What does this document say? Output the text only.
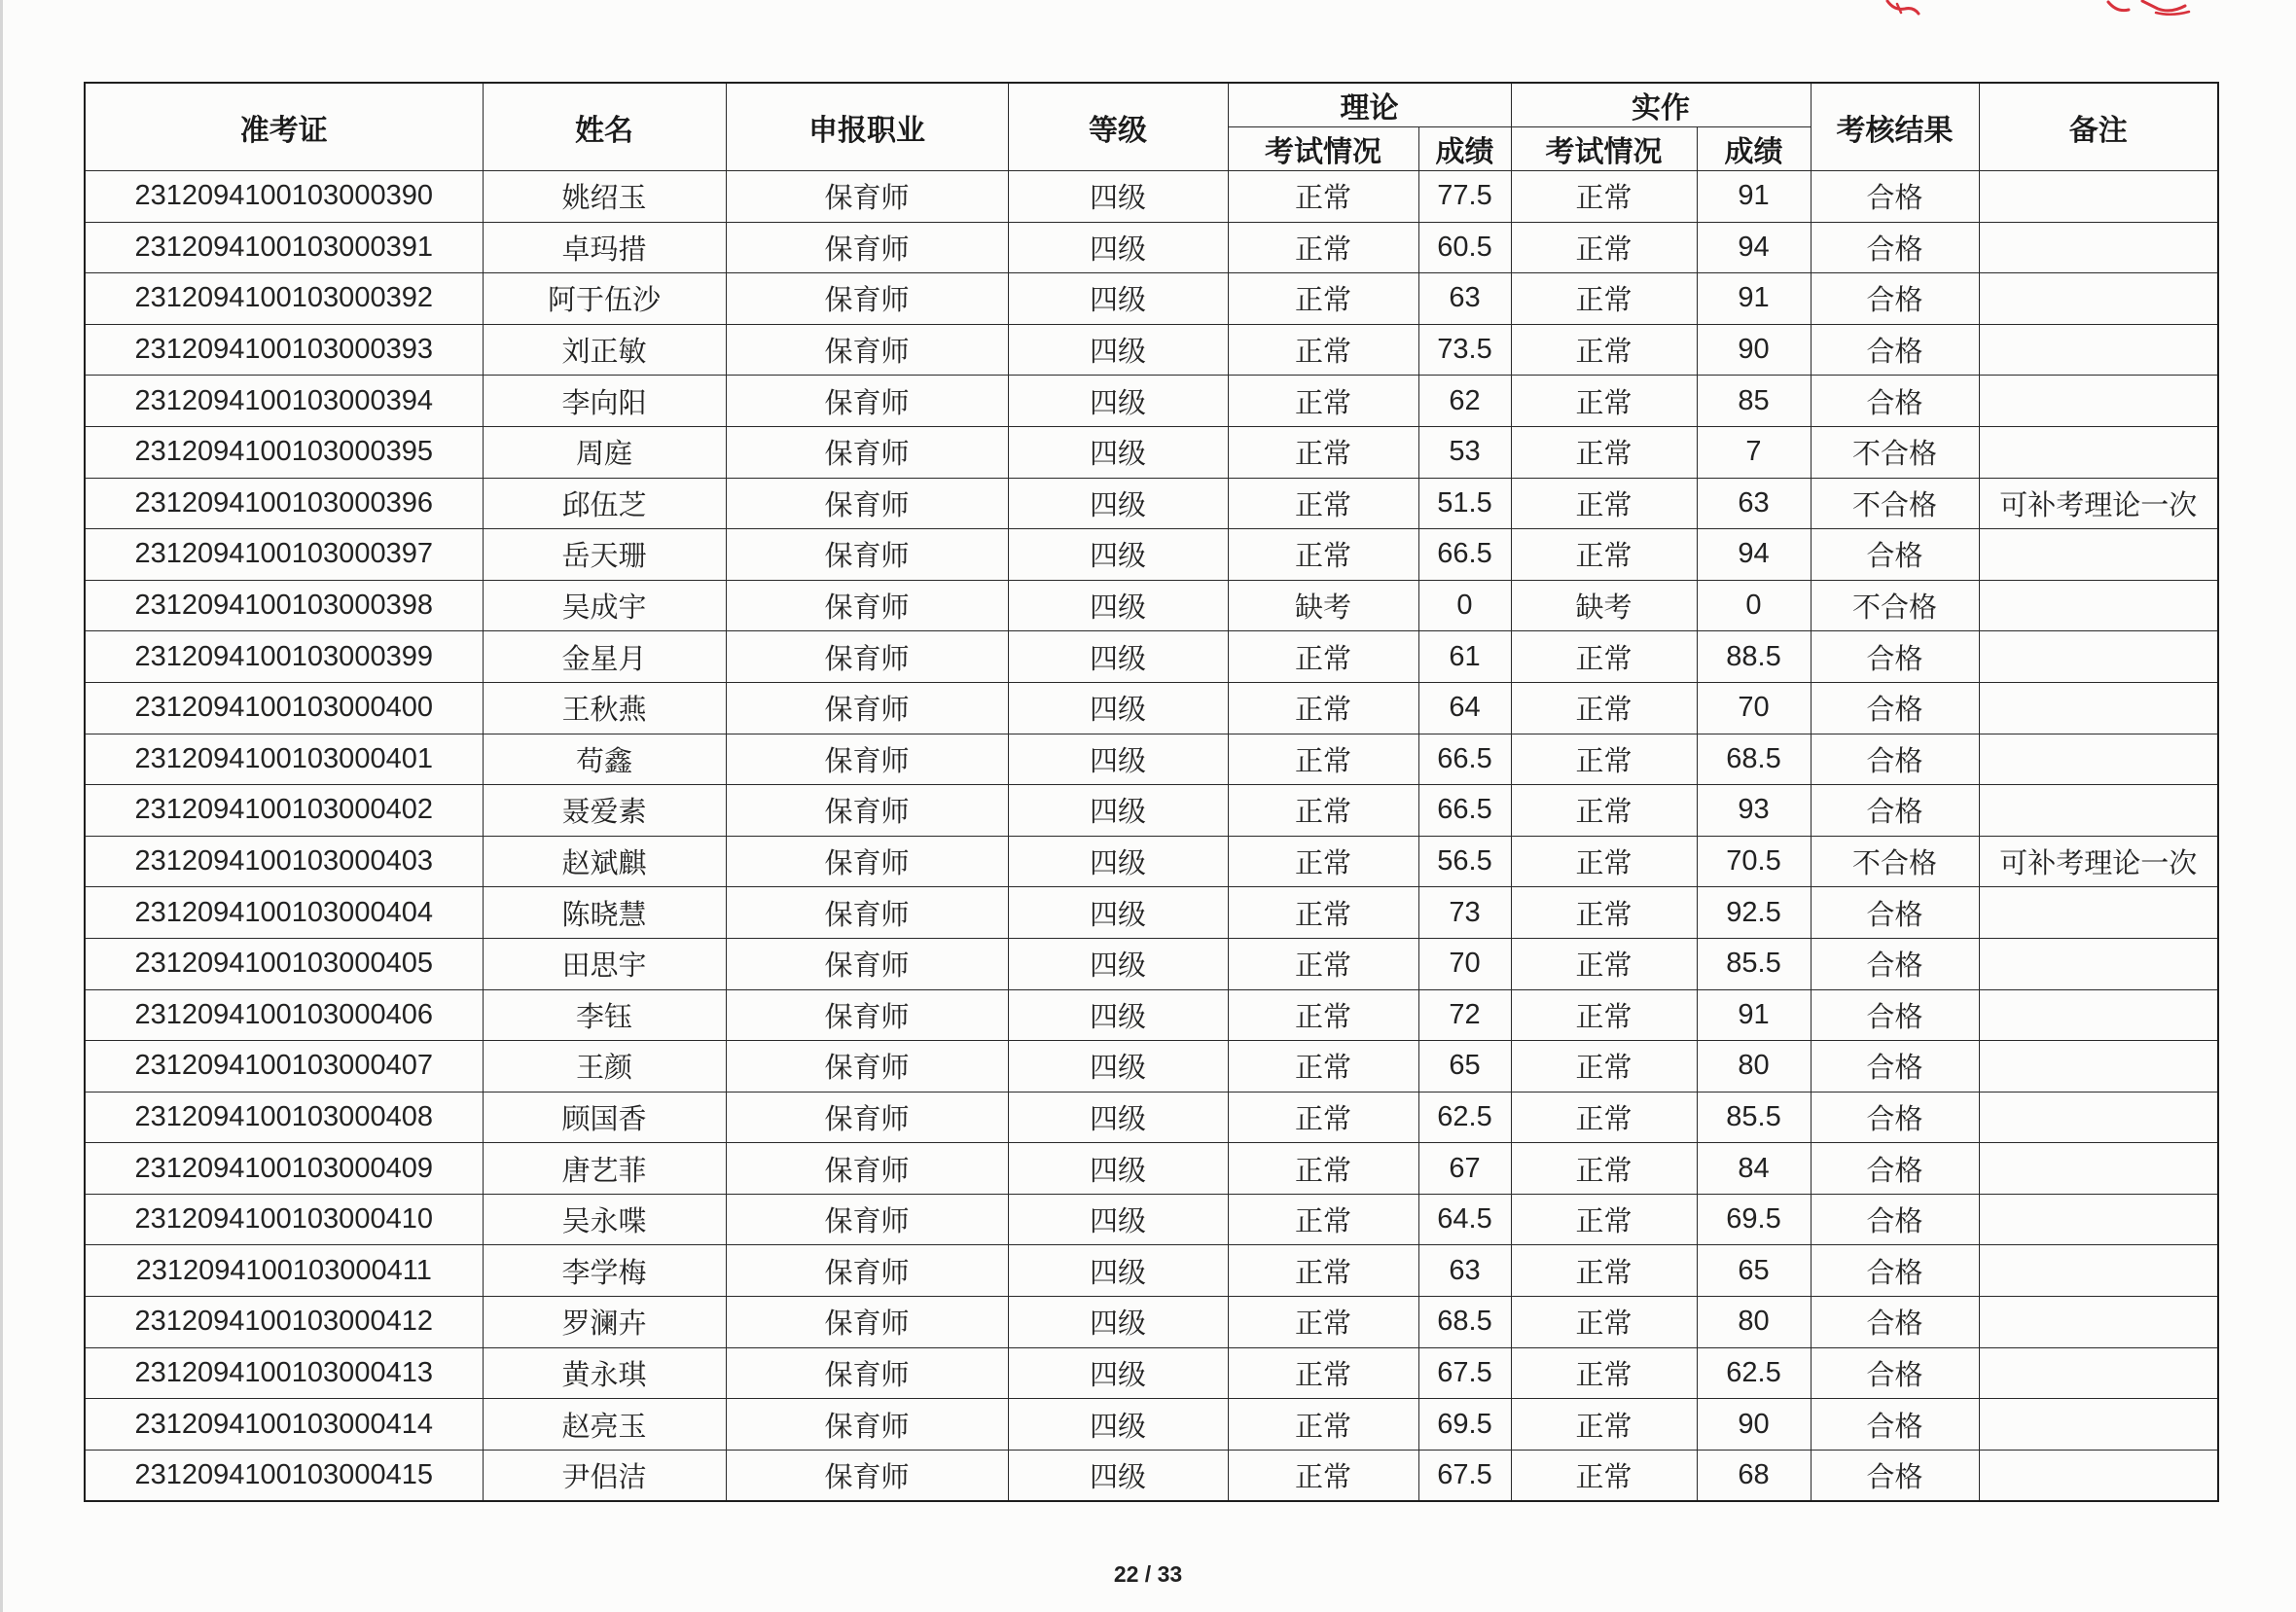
准考证	姓名	申报职业	等级	理论		实作		考核结果	备注
				考试情况	成绩	考试情况	成绩		
2312094100103000390	姚绍玉	保育师	四级	正常	77.5	正常	91	合格	
2312094100103000391	卓玛措	保育师	四级	正常	60.5	正常	94	合格	
2312094100103000392	阿于伍沙	保育师	四级	正常	63	正常	91	合格	
2312094100103000393	刘正敏	保育师	四级	正常	73.5	正常	90	合格	
2312094100103000394	李向阳	保育师	四级	正常	62	正常	85	合格	
2312094100103000395	周庭	保育师	四级	正常	53	正常	7	不合格	
2312094100103000396	邱伍芝	保育师	四级	正常	51.5	正常	63	不合格	可补考理论一次
2312094100103000397	岳天珊	保育师	四级	正常	66.5	正常	94	合格	
2312094100103000398	吴成宇	保育师	四级	缺考	0	缺考	0	不合格	
2312094100103000399	金星月	保育师	四级	正常	61	正常	88.5	合格	
2312094100103000400	王秋燕	保育师	四级	正常	64	正常	70	合格	
2312094100103000401	苟鑫	保育师	四级	正常	66.5	正常	68.5	合格	
2312094100103000402	聂爱素	保育师	四级	正常	66.5	正常	93	合格	
2312094100103000403	赵斌麒	保育师	四级	正常	56.5	正常	70.5	不合格	可补考理论一次
2312094100103000404	陈晓慧	保育师	四级	正常	73	正常	92.5	合格	
2312094100103000405	田思宇	保育师	四级	正常	70	正常	85.5	合格	
2312094100103000406	李钰	保育师	四级	正常	72	正常	91	合格	
2312094100103000407	王颜	保育师	四级	正常	65	正常	80	合格	
2312094100103000408	顾国香	保育师	四级	正常	62.5	正常	85.5	合格	
2312094100103000409	唐艺菲	保育师	四级	正常	67	正常	84	合格	
2312094100103000410	吴永喋	保育师	四级	正常	64.5	正常	69.5	合格	
2312094100103000411	李学梅	保育师	四级	正常	63	正常	65	合格	
2312094100103000412	罗澜卉	保育师	四级	正常	68.5	正常	80	合格	
2312094100103000413	黄永琪	保育师	四级	正常	67.5	正常	62.5	合格	
2312094100103000414	赵亮玉	保育师	四级	正常	69.5	正常	90	合格	
2312094100103000415	尹侣洁	保育师	四级	正常	67.5	正常	68	合格	
22 / 33
